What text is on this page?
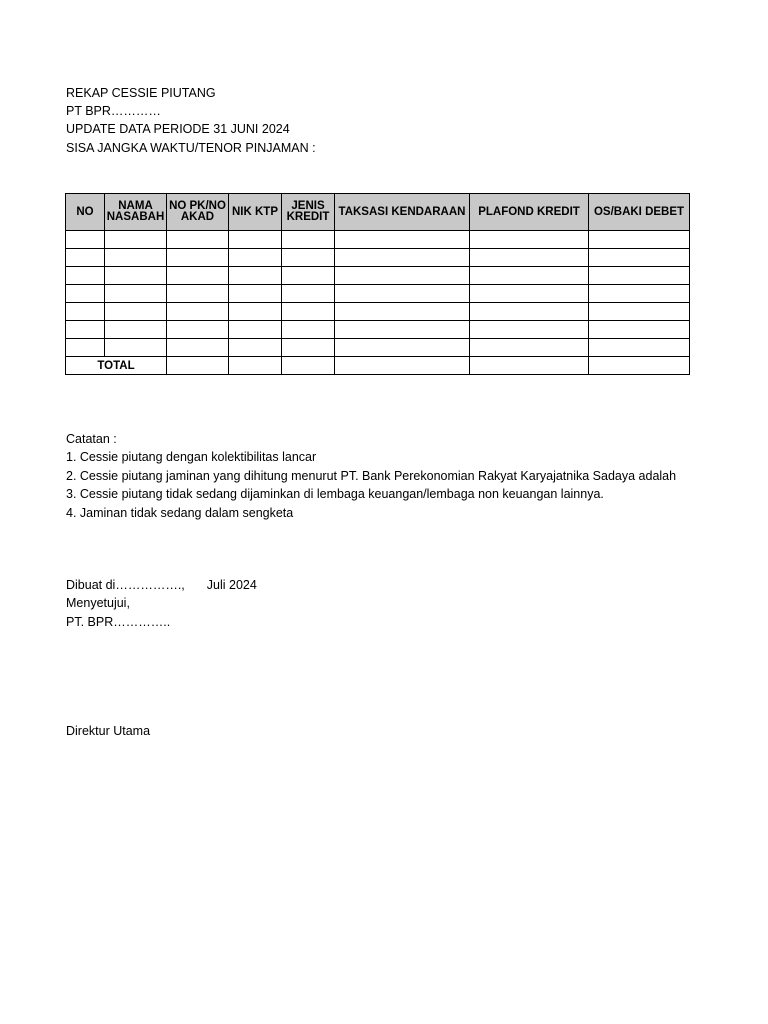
REKAP CESSIE PIUTANG
PT BPR…………
UPDATE DATA PERIODE 31 JUNI 2024
SISA JANGKA WAKTU/TENOR PINJAMAN :
NO	NAMA NASABAH	NO PK/NO AKAD	NIK KTP	JENIS KREDIT	TAKSASI KENDARAAN	PLAFOND KREDIT	OS/BAKI DEBET

TOTAL							
Catatan :
1. Cessie piutang dengan kolektibilitas lancar
2. Cessie piutang jaminan yang dihitung menurut PT. Bank Perekonomian Rakyat Karyajatnika Sadaya adalah
3. Cessie piutang tidak sedang dijaminkan di lembaga keuangan/lembaga non keuangan lainnya.
4. Jaminan tidak sedang dalam sengketa
Dibuat di……………., Juli 2024
Menyetujui,
PT. BPR…………..
Direktur Utama
